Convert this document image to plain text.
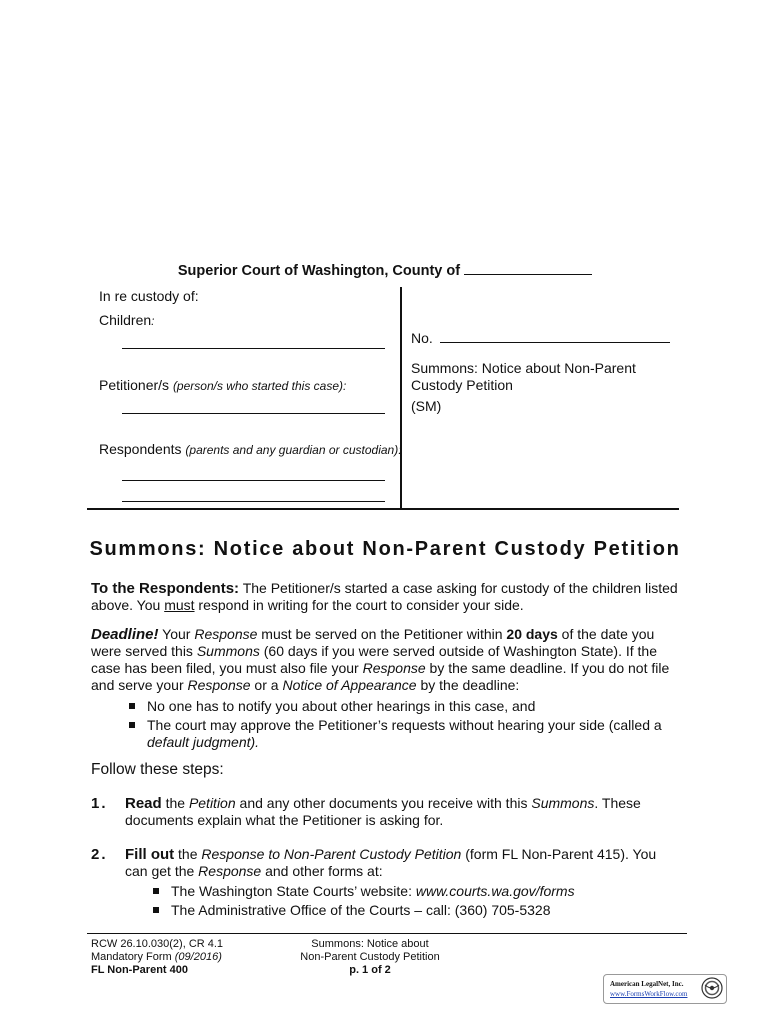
Superior Court of Washington, County of
In re custody of:
Children:
Petitioner/s (person/s who started this case):
Respondents (parents and any guardian or custodian):
No.
Summons: Notice about Non-Parent
Custody Petition
(SM)
Summons: Notice about Non-Parent Custody Petition
To the Respondents: The Petitioner/s started a case asking for custody of the children listed
above. You must respond in writing for the court to consider your side.
Deadline! Your Response must be served on the Petitioner within 20 days of the date you
were served this Summons (60 days if you were served outside of Washington State). If the
case has been filed, you must also file your Response by the same deadline. If you do not file
and serve your Response or a Notice of Appearance by the deadline:
No one has to notify you about other hearings in this case, and
The court may approve the Petitioner’s requests without hearing your side (called a
default judgment).
Follow these steps:
1. Read the Petition and any other documents you receive with this Summons. These
documents explain what the Petitioner is asking for.
2. Fill out the Response to Non-Parent Custody Petition (form FL Non-Parent 415). You
can get the Response and other forms at:
The Washington State Courts’ website: www.courts.wa.gov/forms
The Administrative Office of the Courts – call: (360) 705-5328
RCW 26.10.030(2), CR 4.1
Mandatory Form (09/2016)
FL Non-Parent 400
Summons: Notice about
Non-Parent Custody Petition
p. 1 of 2
American LegalNet, Inc.
www.FormsWorkFlow.com
